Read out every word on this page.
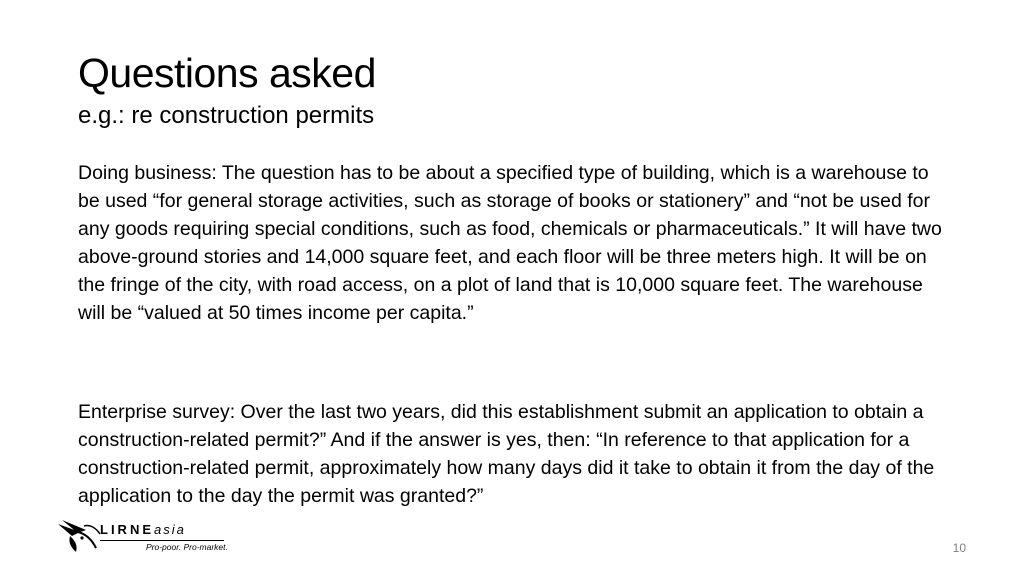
Questions asked
e.g.: re construction permits

Doing business: The question has to be about a specified type of building, which is a warehouse to be used “for general storage activities, such as storage of books or stationery” and “not be used for any goods requiring special conditions, such as food, chemicals or pharmaceuticals.” It will have two above-ground stories and 14,000 square feet, and each floor will be three meters high. It will be on the fringe of the city, with road access, on a plot of land that is 10,000 square feet. The warehouse will be “valued at 50 times income per capita.”

Enterprise survey: Over the last two years, did this establishment submit an application to obtain a construction-related permit?” And if the answer is yes, then: “In reference to that application for a construction-related permit, approximately how many days did it take to obtain it from the day of the application to the day the permit was granted?”

LIRNEasia
Pro-poor. Pro-market.	10
